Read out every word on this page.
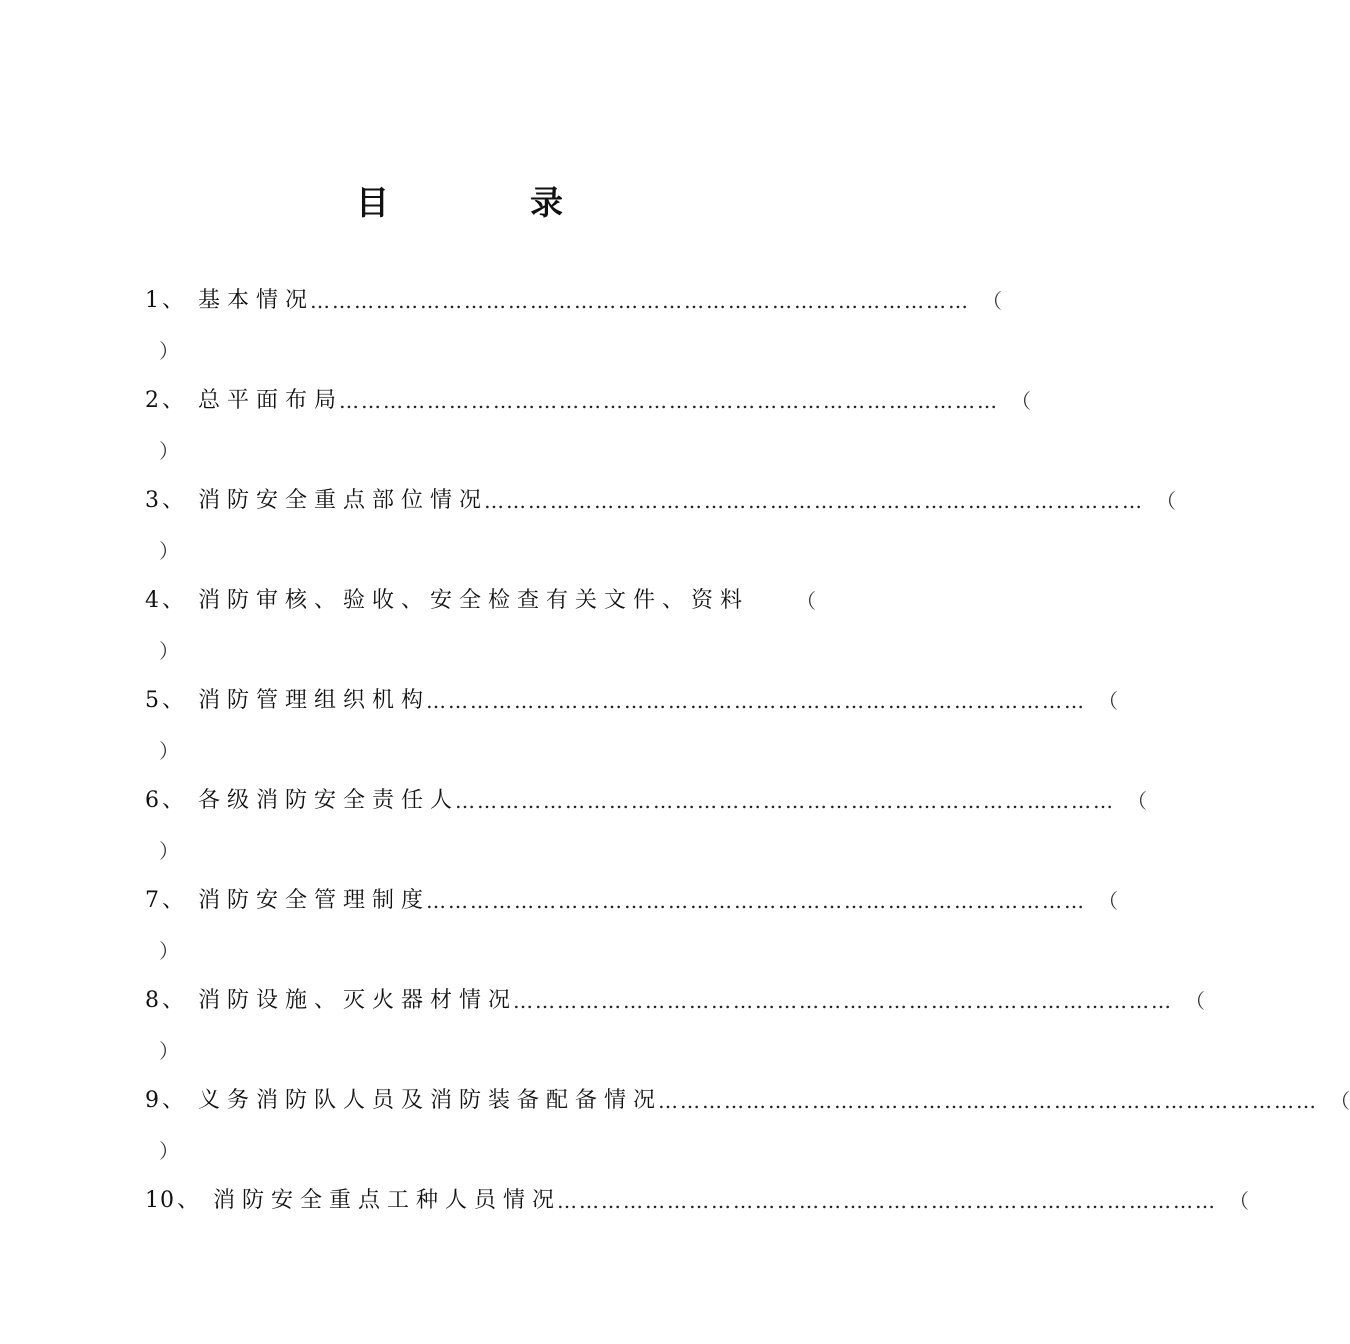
目	录
1 、 基本情况
……………………………………………………………………………… （
）
2 、 总平面布局
……………………………………………………………………………… （
）
3 、 消防安全重点部位情况
……………………………………………………………………………… （
）
4 、 消防审核、验收、安全检查有关文件、资料 （
）
5 、 消防管理组织机构
……………………………………………………………………………… （
）
6 、 各级消防安全责任人
……………………………………………………………………………… （
）
7 、 消防安全管理制度
……………………………………………………………………………… （
）
8 、 消防设施、灭火器材情况
……………………………………………………………………………… （
）
9 、 义务消防队人员及消防装备配备情况
……………………………………………………………………………… （
）
10 、 消防安全重点工种人员情况
……………………………………………………………………………… （
